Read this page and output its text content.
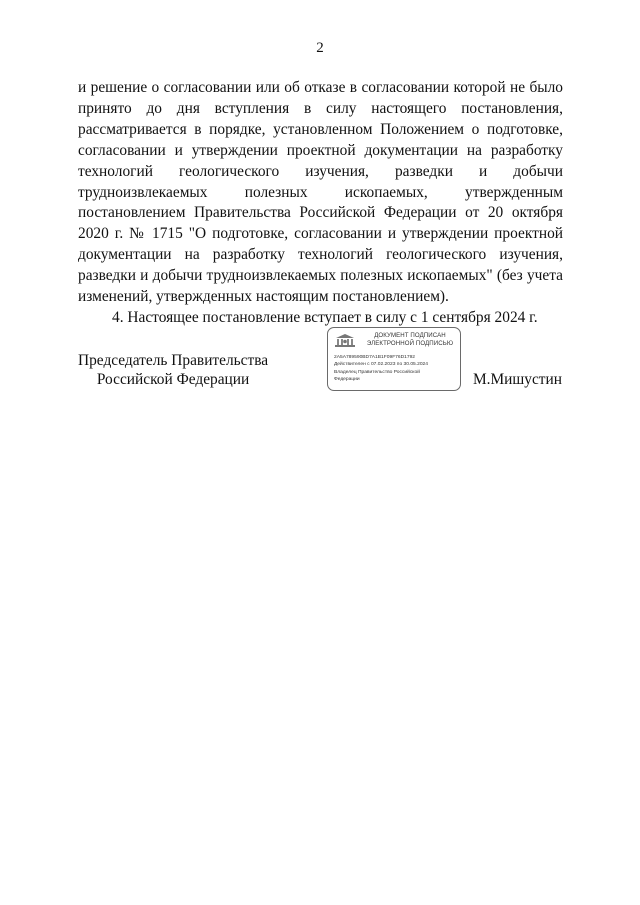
2

и решение о согласовании или об отказе в согласовании которой не было принято до дня вступления в силу настоящего постановления, рассматривается в порядке, установленном Положением о подготовке, согласовании и утверждении проектной документации на разработку технологий геологического изучения, разведки и добычи трудноизвлекаемых полезных ископаемых, утвержденным постановлением Правительства Российской Федерации от 20 октября 2020 г. № 1715 "О подготовке, согласовании и утверждении проектной документации на разработку технологий геологического изучения, разведки и добычи трудноизвлекаемых полезных ископаемых" (без учета изменений, утвержденных настоящим постановлением).

4. Настоящее постановление вступает в силу с 1 сентября 2024 г.

Председатель Правительства
Российской Федерации
ДОКУМЕНТ ПОДПИСАН
ЭЛЕКТРОННОЙ ПОДПИСЬЮ
2A5A789590BD7A1B1F09F76D1792
Действителен с 07.02.2023 по 30.05.2024
Владелец Правительство Российской
Федерации	М.Мишустин
